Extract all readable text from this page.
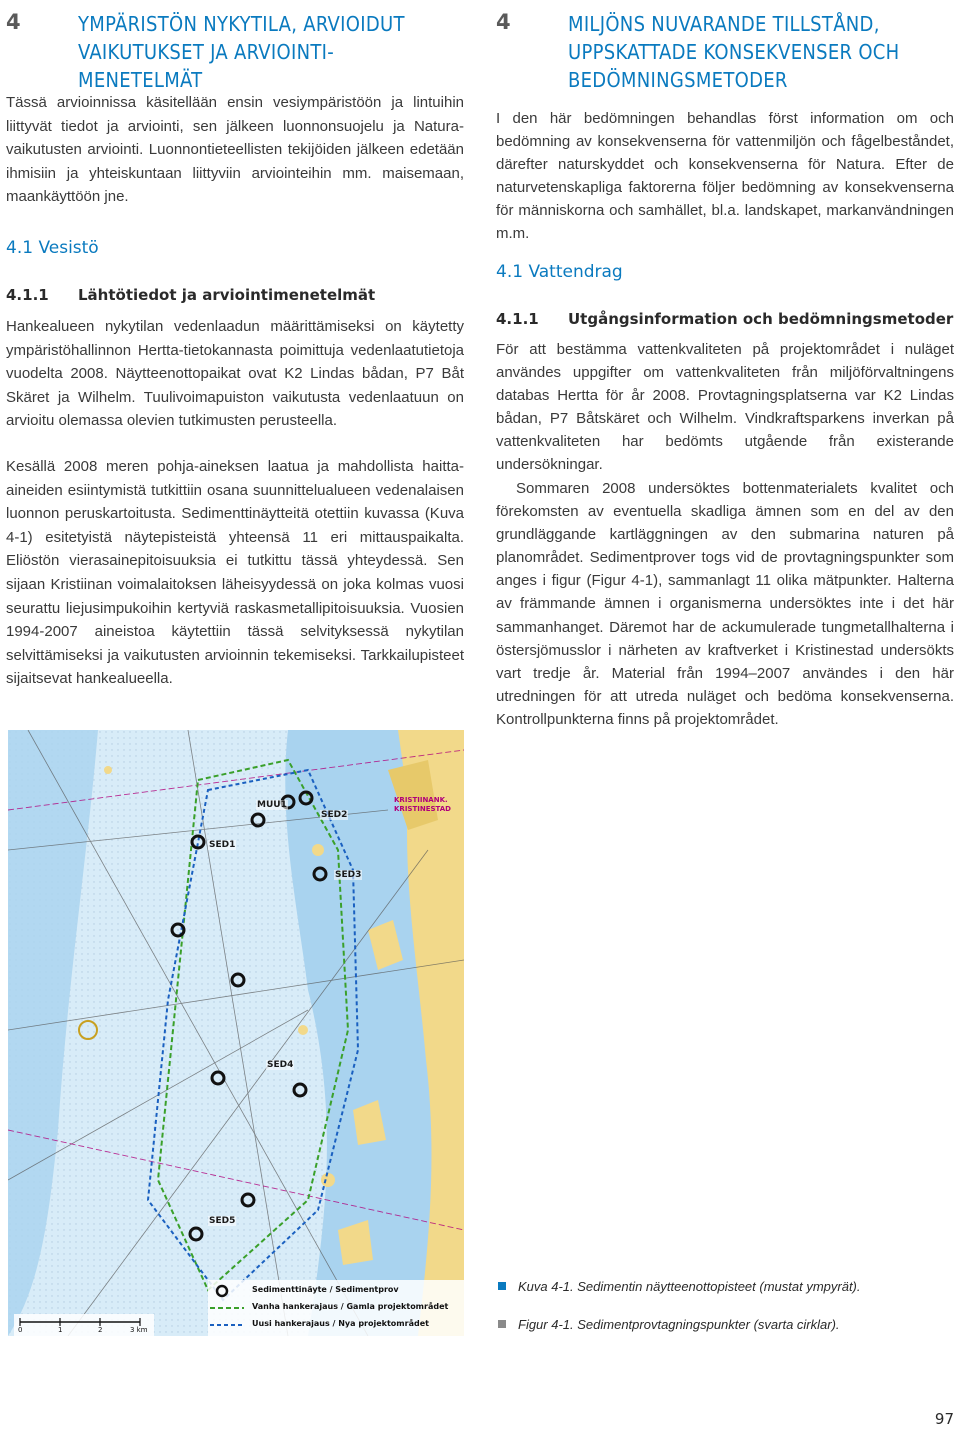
4	YMPÄRISTÖN NYKYTILA, ARVIOIDUT
VAIKUTUKSET JA ARVIOINTI-
MENETELMÄT

Tässä arvioinnissa käsitellään ensin vesiympäristöön ja lintuihin liittyvät tiedot ja arviointi, sen jälkeen luonnonsuojelu ja Natura-vaikutusten arviointi. Luonnontieteellisten tekijöiden jälkeen edetään ihmisiin ja yhteiskuntaan liittyviin arviointeihin mm. maisemaan, maankäyttöön jne.

4.1 Vesistö
4.1.1 Lähtötiedot ja arviointimenetelmät

Hankealueen nykytilan vedenlaadun määrittämiseksi on käytetty ympäristöhallinnon Hertta-tietokannasta poimittuja vedenlaatutietoja vuodelta 2008. Näytteenottopaikat ovat K2 Lindas bådan, P7 Båt Skäret ja Wilhelm. Tuulivoimapuiston vaikutusta vedenlaatuun on arvioitu olemassa olevien tutkimusten perusteella.

Kesällä 2008 meren pohja-aineksen laatua ja mahdollista haitta-aineiden esiintymistä tutkittiin osana suunnittelualueen vedenalaisen luonnon peruskartoitusta. Sedimenttinäytteitä otettiin kuvassa (Kuva 4-1) esitetyistä näytepisteistä yhteensä 11 eri mittauspaikalta. Eliöstön vierasainepitoisuuksia ei tutkittu tässä yhteydessä. Sen sijaan Kristiinan voimalaitoksen läheisyydessä on joka kolmas vuosi seurattu liejusimpukoihin kertyviä raskasmetallipitoisuuksia. Vuosien 1994-2007 aineistoa käytettiin tässä selvityksessä nykytilan selvittämiseksi ja vaikutusten arvioinnin tekemiseksi. Tarkkailupisteet sijaitsevat hankealueella.

4	MILJÖNS NUVARANDE TILLSTÅND,
UPPSKATTADE KONSEKVENSER OCH
BEDÖMNINGSMETODER

I den här bedömningen behandlas först information om och bedömning av konsekvenserna för vattenmiljön och fågelbeståndet, därefter naturskyddet och konsekvenserna för Natura. Efter de naturvetenskapliga faktorerna följer bedömning av konsekvenserna för människorna och samhället, bl.a. landskapet, markanvändningen m.m.

4.1 Vattendrag
4.1.1 Utgångsinformation och bedömningsmetoder

För att bestämma vattenkvaliteten på projektområdet i nuläget användes uppgifter om vattenkvaliteten från miljöförvaltningens databas Hertta för år 2008. Provtagningsplatserna var K2 Lindas bådan, P7 Båtskäret och Wilhelm. Vindkraftsparkens inverkan på vattenkvaliteten har bedömts utgående från existerande undersökningar.

Sommaren 2008 undersöktes bottenmaterialets kvalitet och förekomsten av eventuella skadliga ämnen som en del av den grundläggande kartläggningen av den submarina naturen på planområdet. Sedimentprover togs vid de provtagningspunkter som anges i figur (Figur 4-1), sammanlagt 11 olika mätpunkter. Halterna av främmande ämnen i organismerna undersöktes inte i det här sammanhanget. Däremot har de ackumulerade tungmetallhalterna i östersjömusslor i närheten av kraftverket i Kristinestad undersökts vart tredje år. Material från 1994–2007 användes i den här utredningen för att utreda nuläget och bedöma konsekvenserna. Kontrollpunkterna finns på projektområdet.

MUU1
SED2
SED1
SED3
SED4
SED5
KRISTIINANK.
KRISTINESTAD
Sedimenttinäyte / Sedimentprov
Vanha hankerajaus / Gamla projektområdet
Uusi hankerajaus / Nya projektområdet
0	1	2	3 km
Kuva 4-1. Sedimentin näytteenottopisteet (mustat ympyrät).
Figur 4-1. Sedimentprovtagningspunkter (svarta cirklar).
97
